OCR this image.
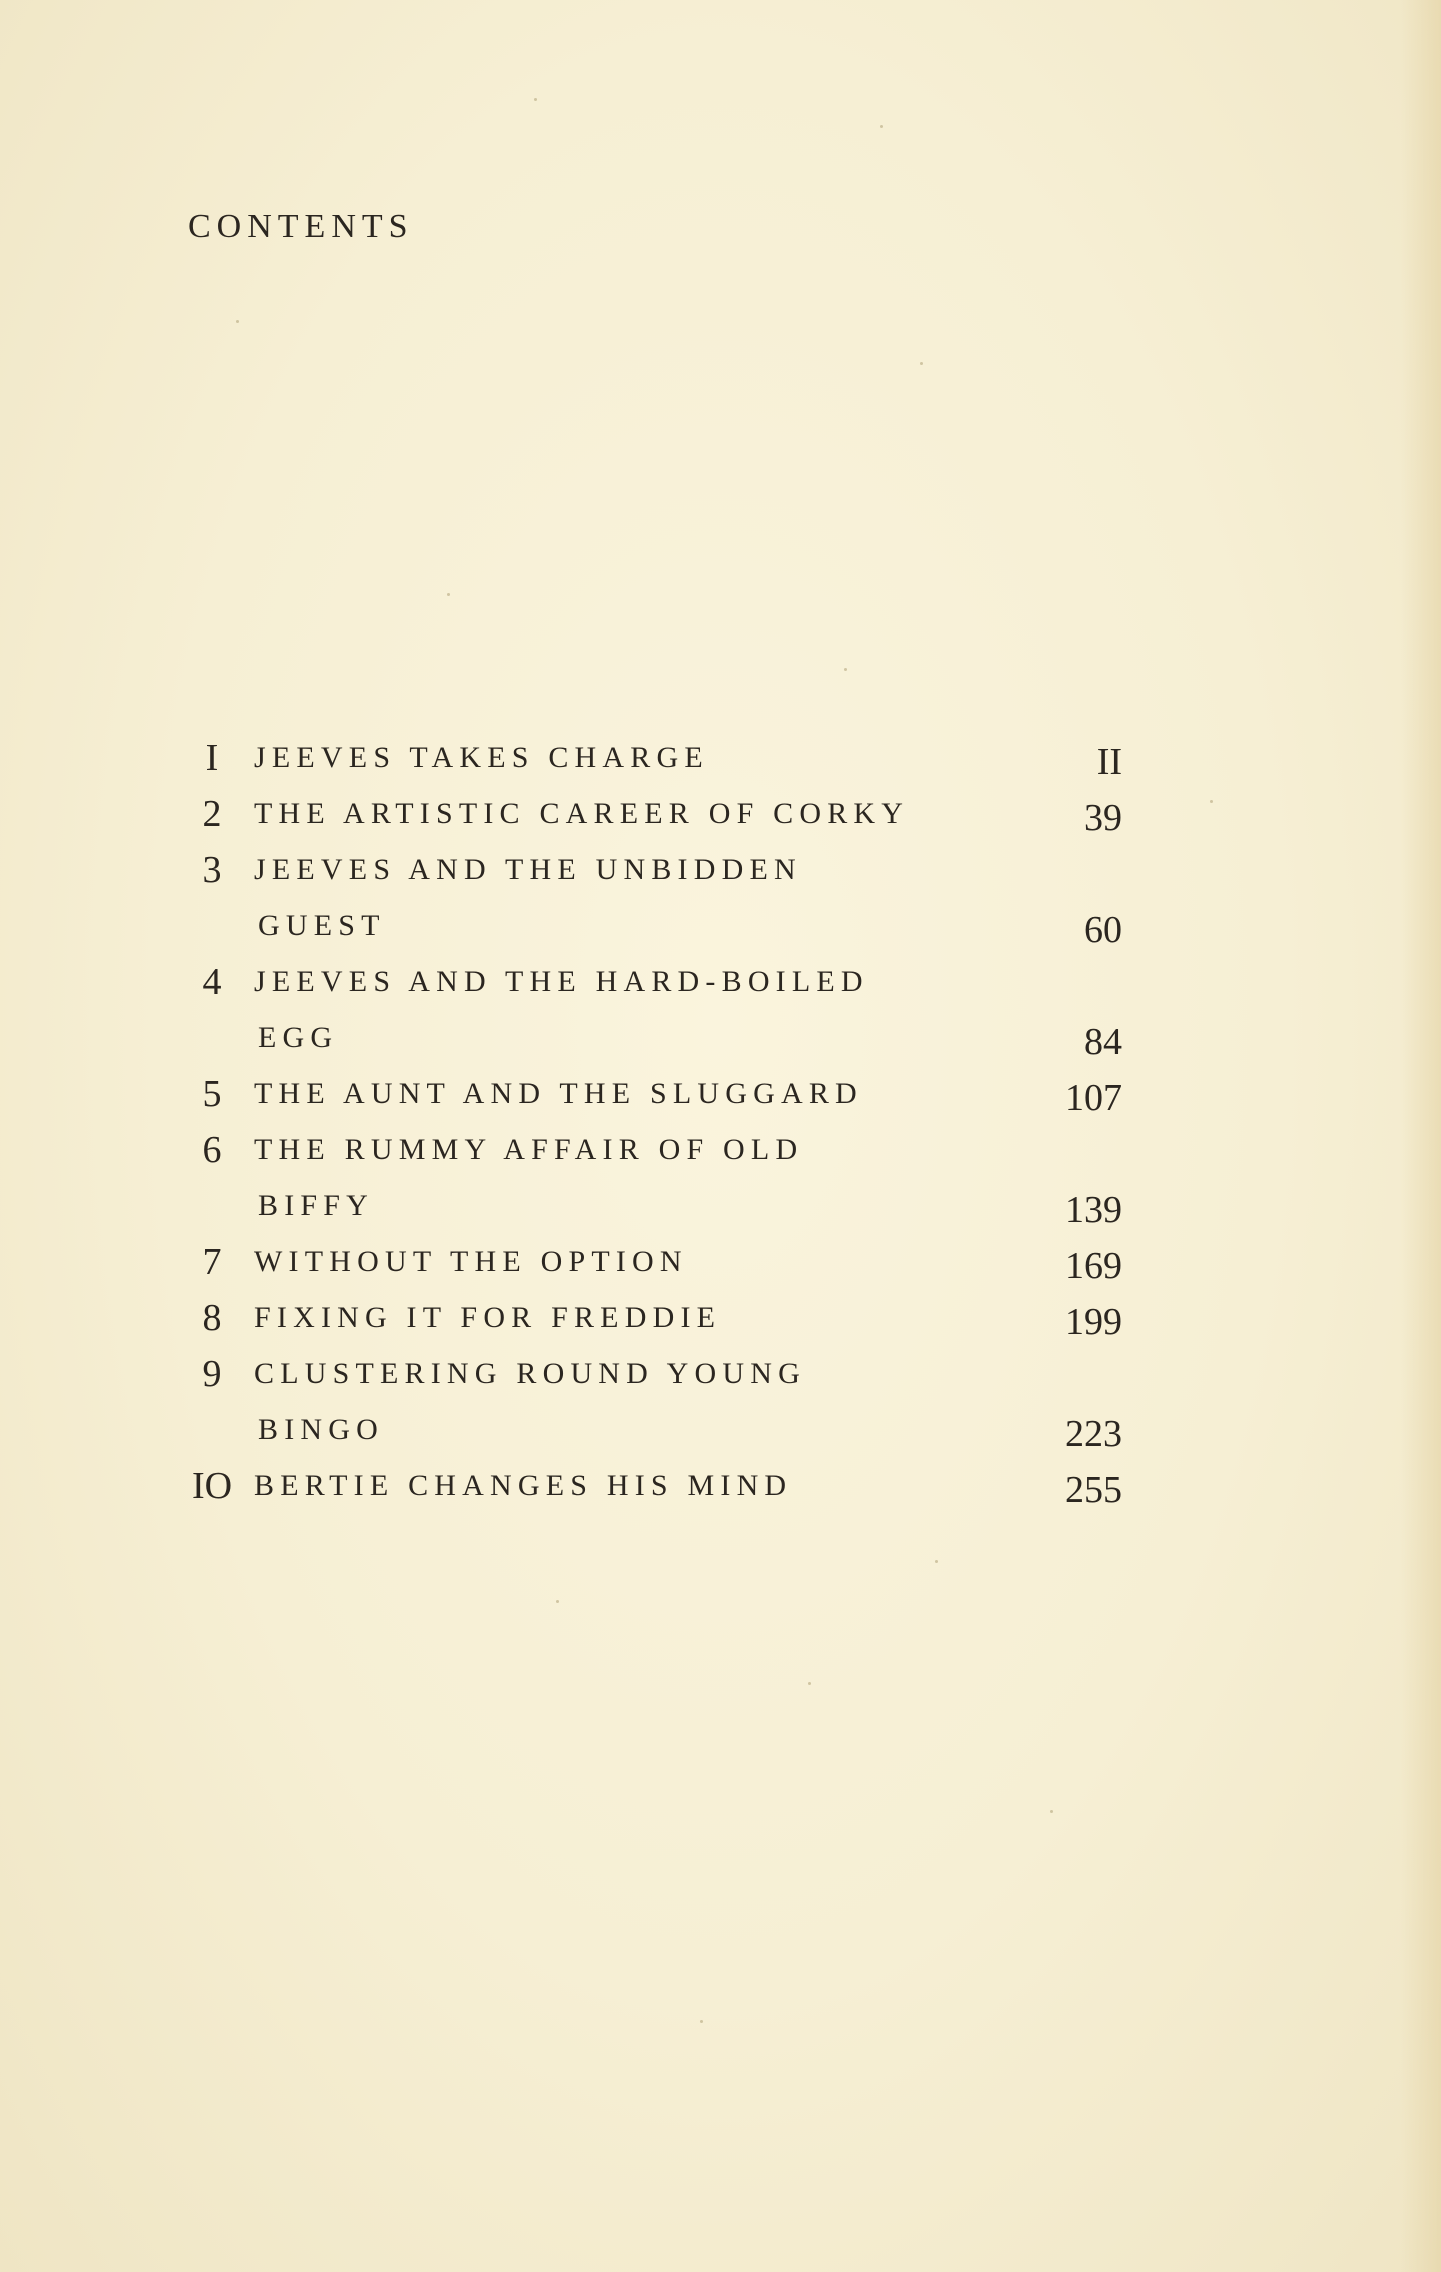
CONTENTS
I	JEEVES TAKES CHARGE	II
2	THE ARTISTIC CAREER OF CORKY	39
3	JEEVES AND THE UNBIDDEN
GUEST	60
4	JEEVES AND THE HARD-BOILED
EGG	84
5	THE AUNT AND THE SLUGGARD	107
6	THE RUMMY AFFAIR OF OLD
BIFFY	139
7	WITHOUT THE OPTION	169
8	FIXING IT FOR FREDDIE	199
9	CLUSTERING ROUND YOUNG
BINGO	223
IO BERTIE CHANGES HIS MIND	255
